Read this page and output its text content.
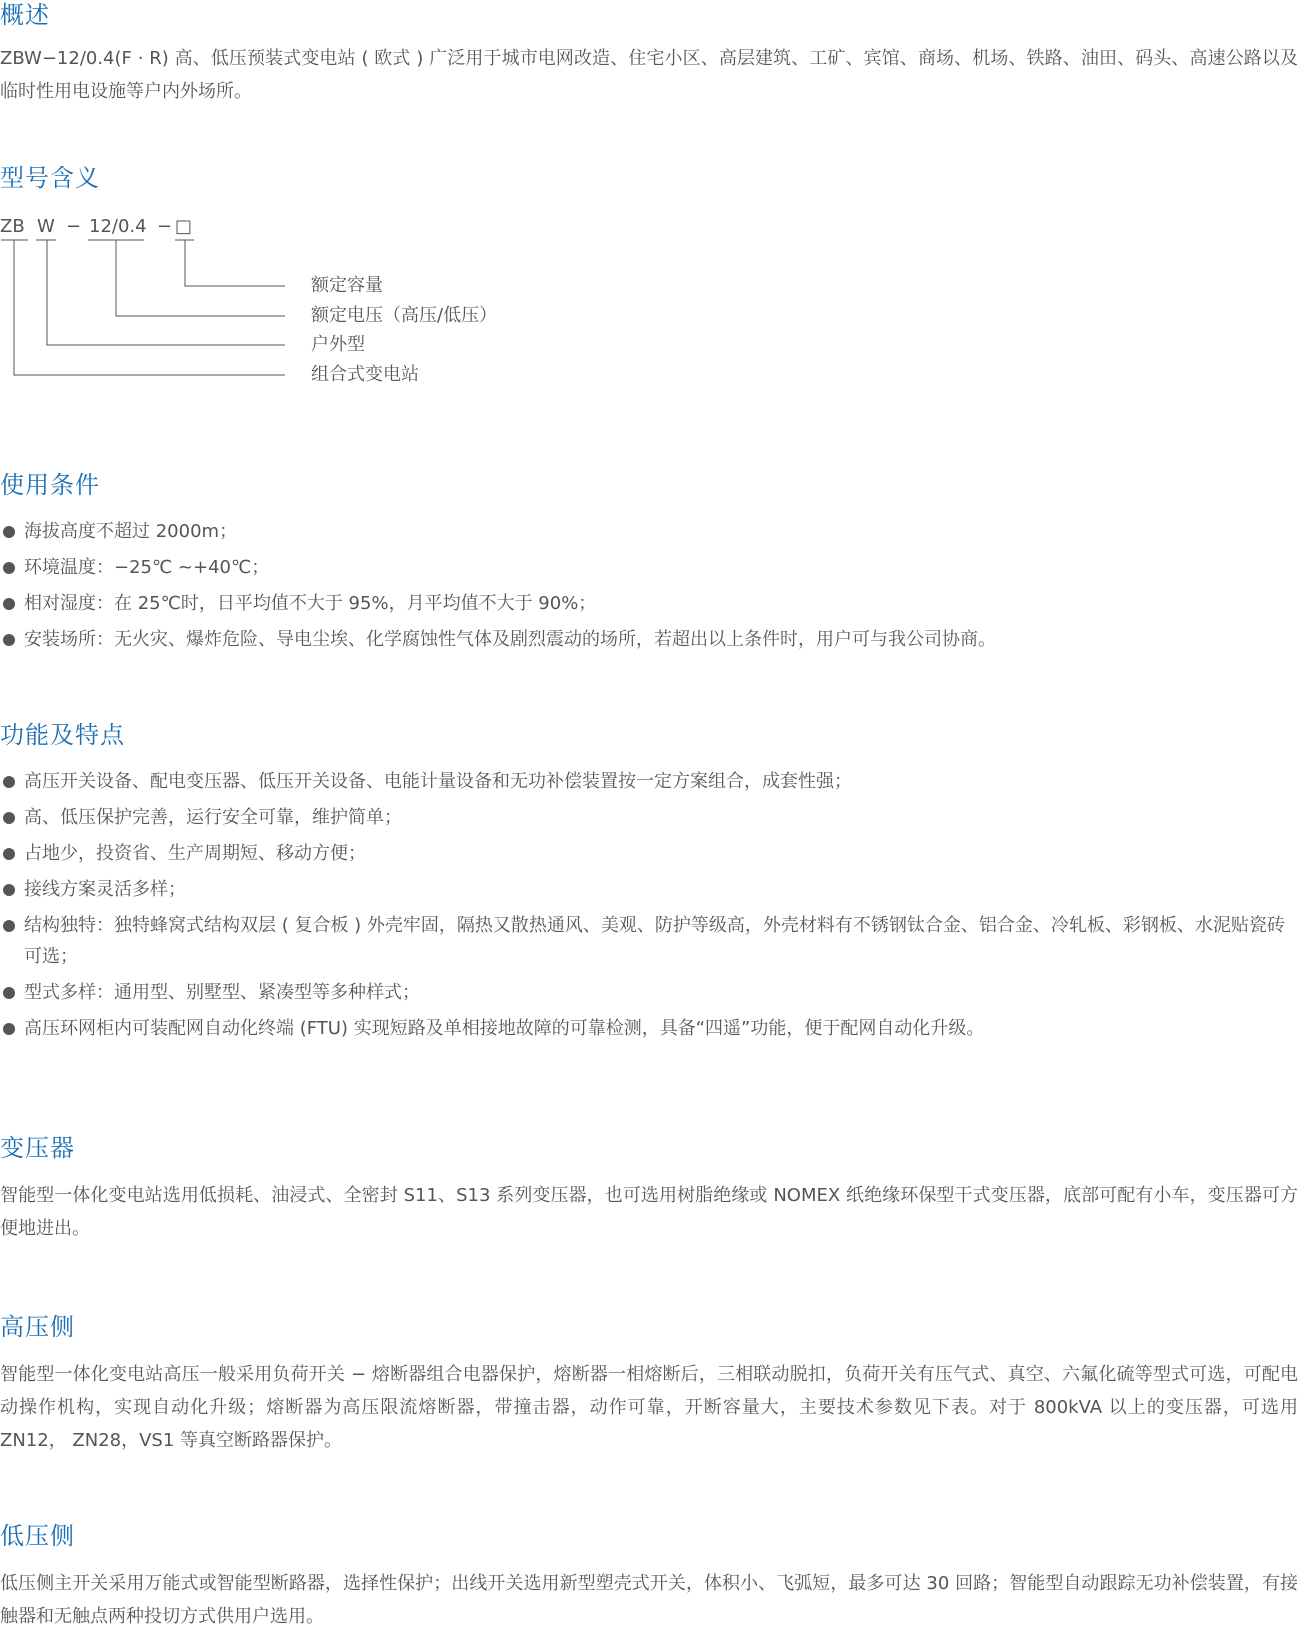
概述

ZBW−12/0.4(F · R) 高、低压预装式变电站 ( 欧式 ) 广泛用于城市电网改造、住宅小区、高层建筑、工矿、宾馆、商场、机场、铁路、油田、码头、高速公路以及临时性用电设施等户内外场所。

型号含义
ZB W − 12/0.4 − □
额定容量
额定电压（高压/低压）
户外型
组合式变电站
使用条件
海拔高度不超过 2000m；
环境温度：−25℃ ~+40℃；
相对湿度：在 25℃时，日平均值不大于 95%，月平均值不大于 90%；
安装场所：无火灾、爆炸危险、导电尘埃、化学腐蚀性气体及剧烈震动的场所，若超出以上条件时，用户可与我公司协商。
功能及特点
高压开关设备、配电变压器、低压开关设备、电能计量设备和无功补偿装置按一定方案组合，成套性强；
高、低压保护完善，运行安全可靠，维护简单；
占地少，投资省、生产周期短、移动方便；
接线方案灵活多样；
结构独特：独特蜂窝式结构双层 ( 复合板 ) 外壳牢固，隔热又散热通风、美观、防护等级高，外壳材料有不锈钢钛合金、铝合金、冷轧板、彩钢板、水泥贴瓷砖可选；
型式多样：通用型、别墅型、紧凑型等多种样式；
高压环网柜内可装配网自动化终端 (FTU) 实现短路及单相接地故障的可靠检测，具备“四遥”功能，便于配网自动化升级。
变压器

智能型一体化变电站选用低损耗、油浸式、全密封 S11、S13 系列变压器，也可选用树脂绝缘或 NOMEX 纸绝缘环保型干式变压器，底部可配有小车，变压器可方便地进出。

高压侧

智能型一体化变电站高压一般采用负荷开关 − 熔断器组合电器保护，熔断器一相熔断后，三相联动脱扣，负荷开关有压气式、真空、六氟化硫等型式可选，可配电动操作机构，实现自动化升级；熔断器为高压限流熔断器，带撞击器，动作可靠，开断容量大，主要技术参数见下表。对于 800kVA 以上的变压器，可选用 ZN12， ZN28，VS1 等真空断路器保护。

低压侧

低压侧主开关采用万能式或智能型断路器，选择性保护；出线开关选用新型塑壳式开关，体积小、飞弧短，最多可达 30 回路；智能型自动跟踪无功补偿装置，有接触器和无触点两种投切方式供用户选用。
